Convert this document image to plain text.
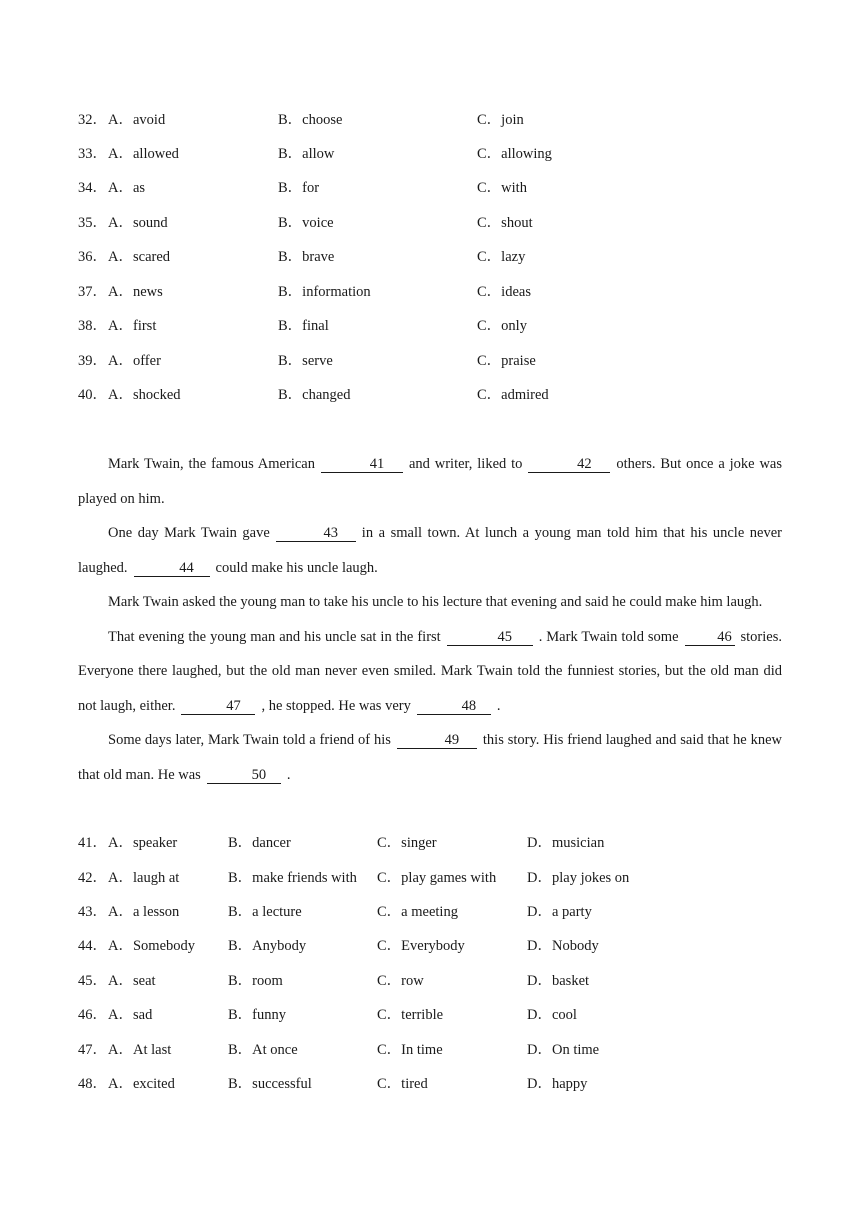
32． A．avoid	B．choose	C．join
33． A．allowed	B．allow	C．allowing
34． A．as	B．for	C．with
35． A．sound	B．voice	C．shout
36． A．scared	B．brave	C．lazy
37． A．news	B．information	C．ideas
38． A．first	B．final	C．only
39． A．offer	B．serve	C．praise
40． A．shocked	B．changed	C．admired

Mark Twain, the famous American	41 and writer, liked to	42 others. But once a joke was played on him.

One day Mark Twain gave	43 in a small town. At lunch a young man told him that his uncle never laughed.	44 could make his uncle laugh.

Mark Twain asked the young man to take his uncle to his lecture that evening and said he could make him laugh.

That evening the young man and his uncle sat in the first	45 . Mark Twain told some	46 stories. Everyone there laughed, but the old man never even smiled. Mark Twain told the funniest stories, but the old man did not laugh, either.	47 , he stopped. He was very	48 .

Some days later, Mark Twain told a friend of his	49 this story. His friend laughed and said that he knew that old man. He was	50 .

41． A．speaker	B．dancer	C．singer	D．musician
42． A．laugh at	B．make friends with C．play games with D．play jokes on
43． A．a lesson	B．a lecture	C．a meeting	D．a party
44． A．Somebody B．Anybody	C．Everybody	D．Nobody
45． A．seat	B．room	C．row	D．basket
46． A．sad	B．funny	C．terrible	D．cool
47． A．At last	B．At once	C．In time	D．On time
48． A．excited	B．successful	C．tired	D．happy
